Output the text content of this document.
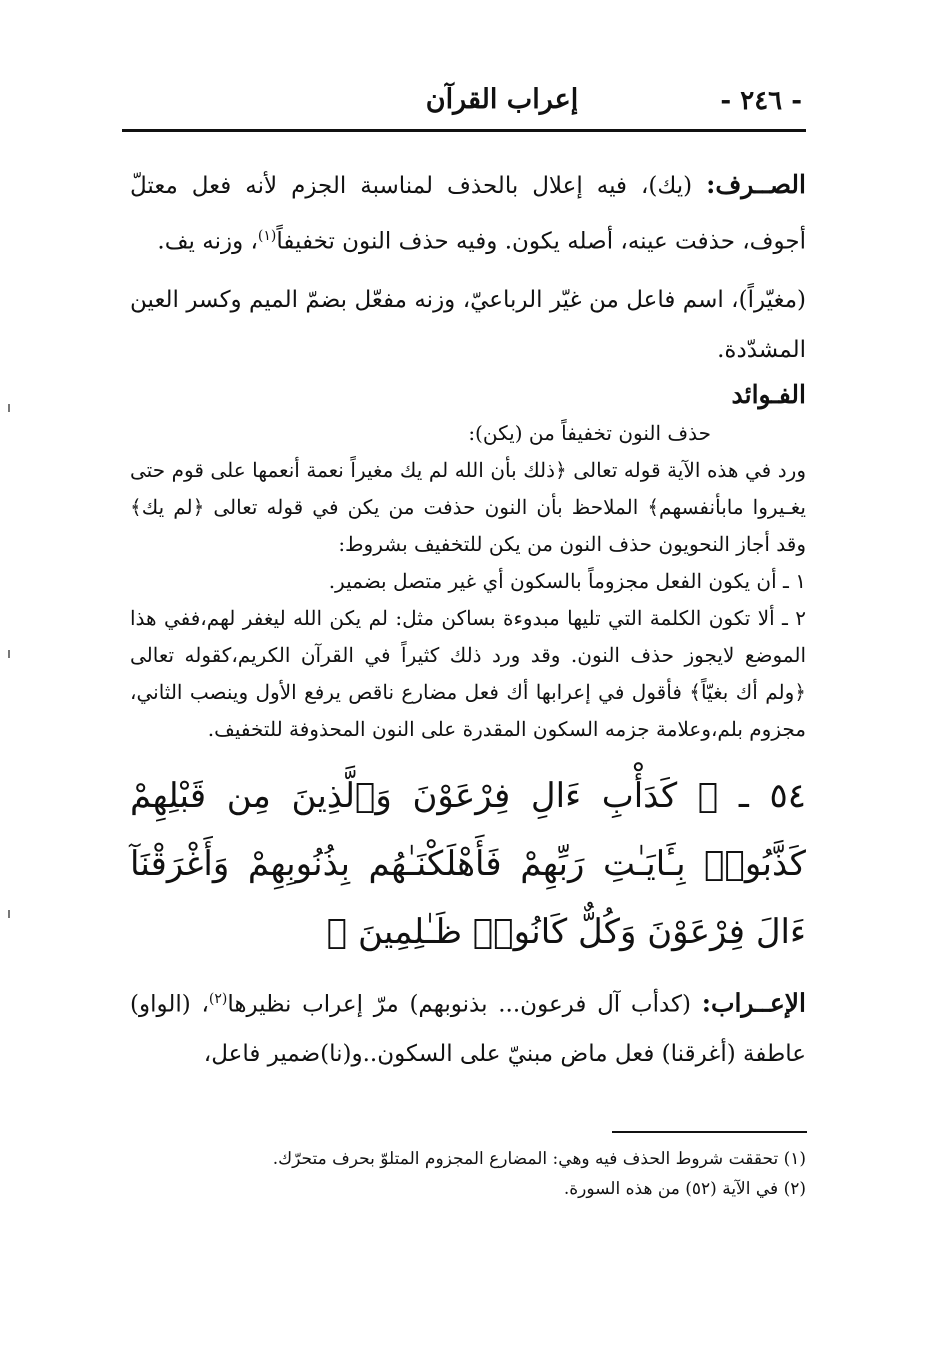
- ٢٤٦ -
إعراب القرآن

الصــرف: (يك)، فيه إعلال بالحذف لمناسبة الجزم لأنه فعل معتلّ أجوف، حذفت عينه، أصله يكون. وفيه حذف النون تخفيفاً$^{(١)}$، وزنه يف.

(مغيّراً)، اسم فاعل من غيّر الرباعيّ، وزنه مفعّل بضمّ الميم وكسر العين المشدّدة.

الفـوائد

حذف النون تخفيفاً من (يكن):

ورد في هذه الآية قوله تعالى ﴿ذلك بأن الله لم يك مغيراً نعمة أنعمها على قوم حتى يغـيروا مابأنفسهم﴾ الملاحظ بأن النون حذفت من يكن في قوله تعالى ﴿لم يك﴾ وقد أجاز النحويون حذف النون من يكن للتخفيف بشروط:

١ ـ أن يكون الفعل مجزوماً بالسكون أي غير متصل بضمير.

٢ ـ ألا تكون الكلمة التي تليها مبدوءة بساكن مثل: لم يكن الله ليغفر لهم،ففي هذا الموضع لايجوز حذف النون. وقد ورد ذلك كثيراً في القرآن الكريم،كقوله تعالى ﴿ولم أك بغيّاً﴾ فأقول في إعرابها أك فعل مضارع ناقص يرفع الأول وينصب الثاني، مجزوم بلم،وعلامة جزمه السكون المقدرة على النون المحذوفة للتخفيف.

٥٤ ـ ﴿ كَدَأْبِ ءَالِ فِرْعَوْنَ وَٱلَّذِينَ مِن قَبْلِهِمْ كَذَّبُوا۟ بِـَٔايَـٰتِ رَبِّهِمْ فَأَهْلَكْنَـٰهُم بِذُنُوبِهِمْ وَأَغْرَقْنَآ ءَالَ فِرْعَوْنَ وَكُلٌّ كَانُوا۟ ظَـٰلِمِينَ ﴾

الإعــراب: (كدأب آل فرعون... بذنوبهم) مرّ إعراب نظيرها$^{(٢)}$، (الواو) عاطفة (أغرقنا) فعل ماض مبنيّ على السكون..و(نا)ضمير فاعل،

(١) تحققت شروط الحذف فيه وهي: المضارع المجزوم المتلوّ بحرف متحرّك.

(٢) في الآية (٥٢) من هذه السورة.
